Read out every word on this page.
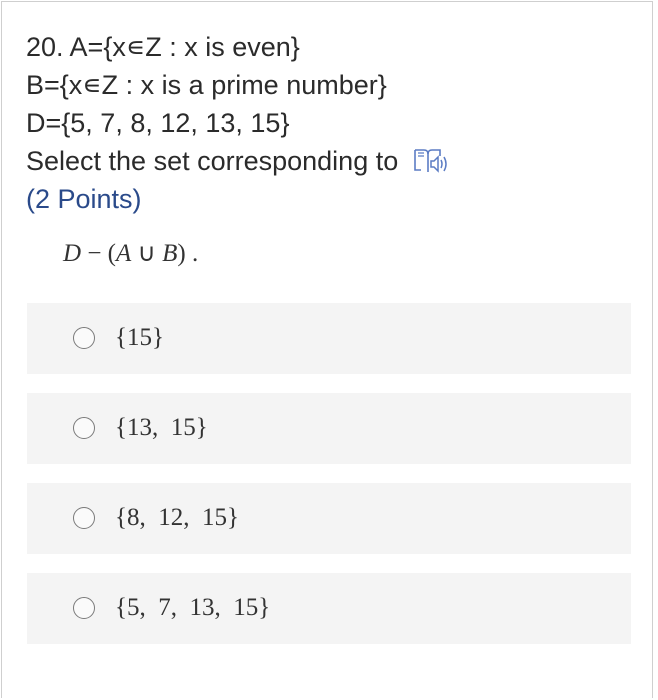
20. A={x∊Z : x is even}
B={x∊Z : x is a prime number}
D={5, 7, 8, 12, 13, 15}
Select the set corresponding to
(2 Points)
D − (A ∪ B) .
{15}
{13,  15}
{8,  12,  15}
{5,  7,  13,  15}
